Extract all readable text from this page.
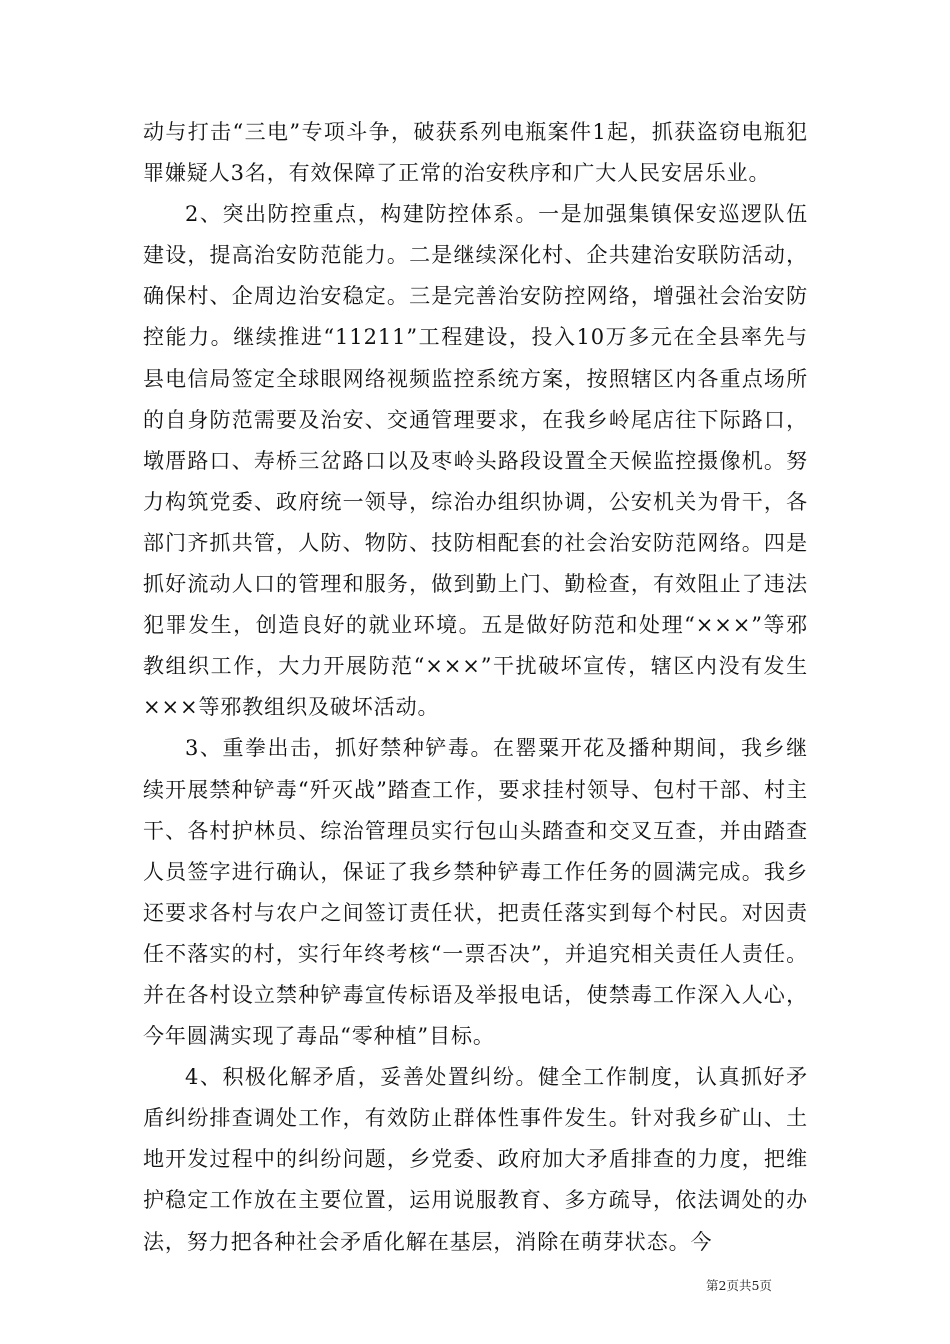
动与打击“三电”专项斗争，破获系列电瓶案件1起，抓获盗窃电瓶犯罪嫌疑人3名，有效保障了正常的治安秩序和广大人民安居乐业。

2、突出防控重点，构建防控体系。一是加强集镇保安巡逻队伍建设，提高治安防范能力。二是继续深化村、企共建治安联防活动，确保村、企周边治安稳定。三是完善治安防控网络，增强社会治安防控能力。继续推进“11211”工程建设，投入10万多元在全县率先与县电信局签定全球眼网络视频监控系统方案，按照辖区内各重点场所的自身防范需要及治安、交通管理要求，在我乡岭尾店往下际路口，墩厝路口、寿桥三岔路口以及枣岭头路段设置全天候监控摄像机。努力构筑党委、政府统一领导，综治办组织协调，公安机关为骨干，各部门齐抓共管，人防、物防、技防相配套的社会治安防范网络。四是抓好流动人口的管理和服务，做到勤上门、勤检查，有效阻止了违法犯罪发生，创造良好的就业环境。五是做好防范和处理“×××”等邪教组织工作，大力开展防范“×××”干扰破坏宣传，辖区内没有发生×××等邪教组织及破坏活动。

3、重拳出击，抓好禁种铲毒。在罂粟开花及播种期间，我乡继续开展禁种铲毒“歼灭战”踏查工作，要求挂村领导、包村干部、村主干、各村护林员、综治管理员实行包山头踏查和交叉互查，并由踏查人员签字进行确认，保证了我乡禁种铲毒工作任务的圆满完成。我乡还要求各村与农户之间签订责任状，把责任落实到每个村民。对因责任不落实的村，实行年终考核“一票否决”，并追究相关责任人责任。并在各村设立禁种铲毒宣传标语及举报电话，使禁毒工作深入人心，今年圆满实现了毒品“零种植”目标。

4、积极化解矛盾，妥善处置纠纷。健全工作制度，认真抓好矛盾纠纷排查调处工作，有效防止群体性事件发生。针对我乡矿山、土地开发过程中的纠纷问题，乡党委、政府加大矛盾排查的力度，把维护稳定工作放在主要位置，运用说服教育、多方疏导，依法调处的办法，努力把各种社会矛盾化解在基层，消除在萌芽状态。今

第2页共5页
